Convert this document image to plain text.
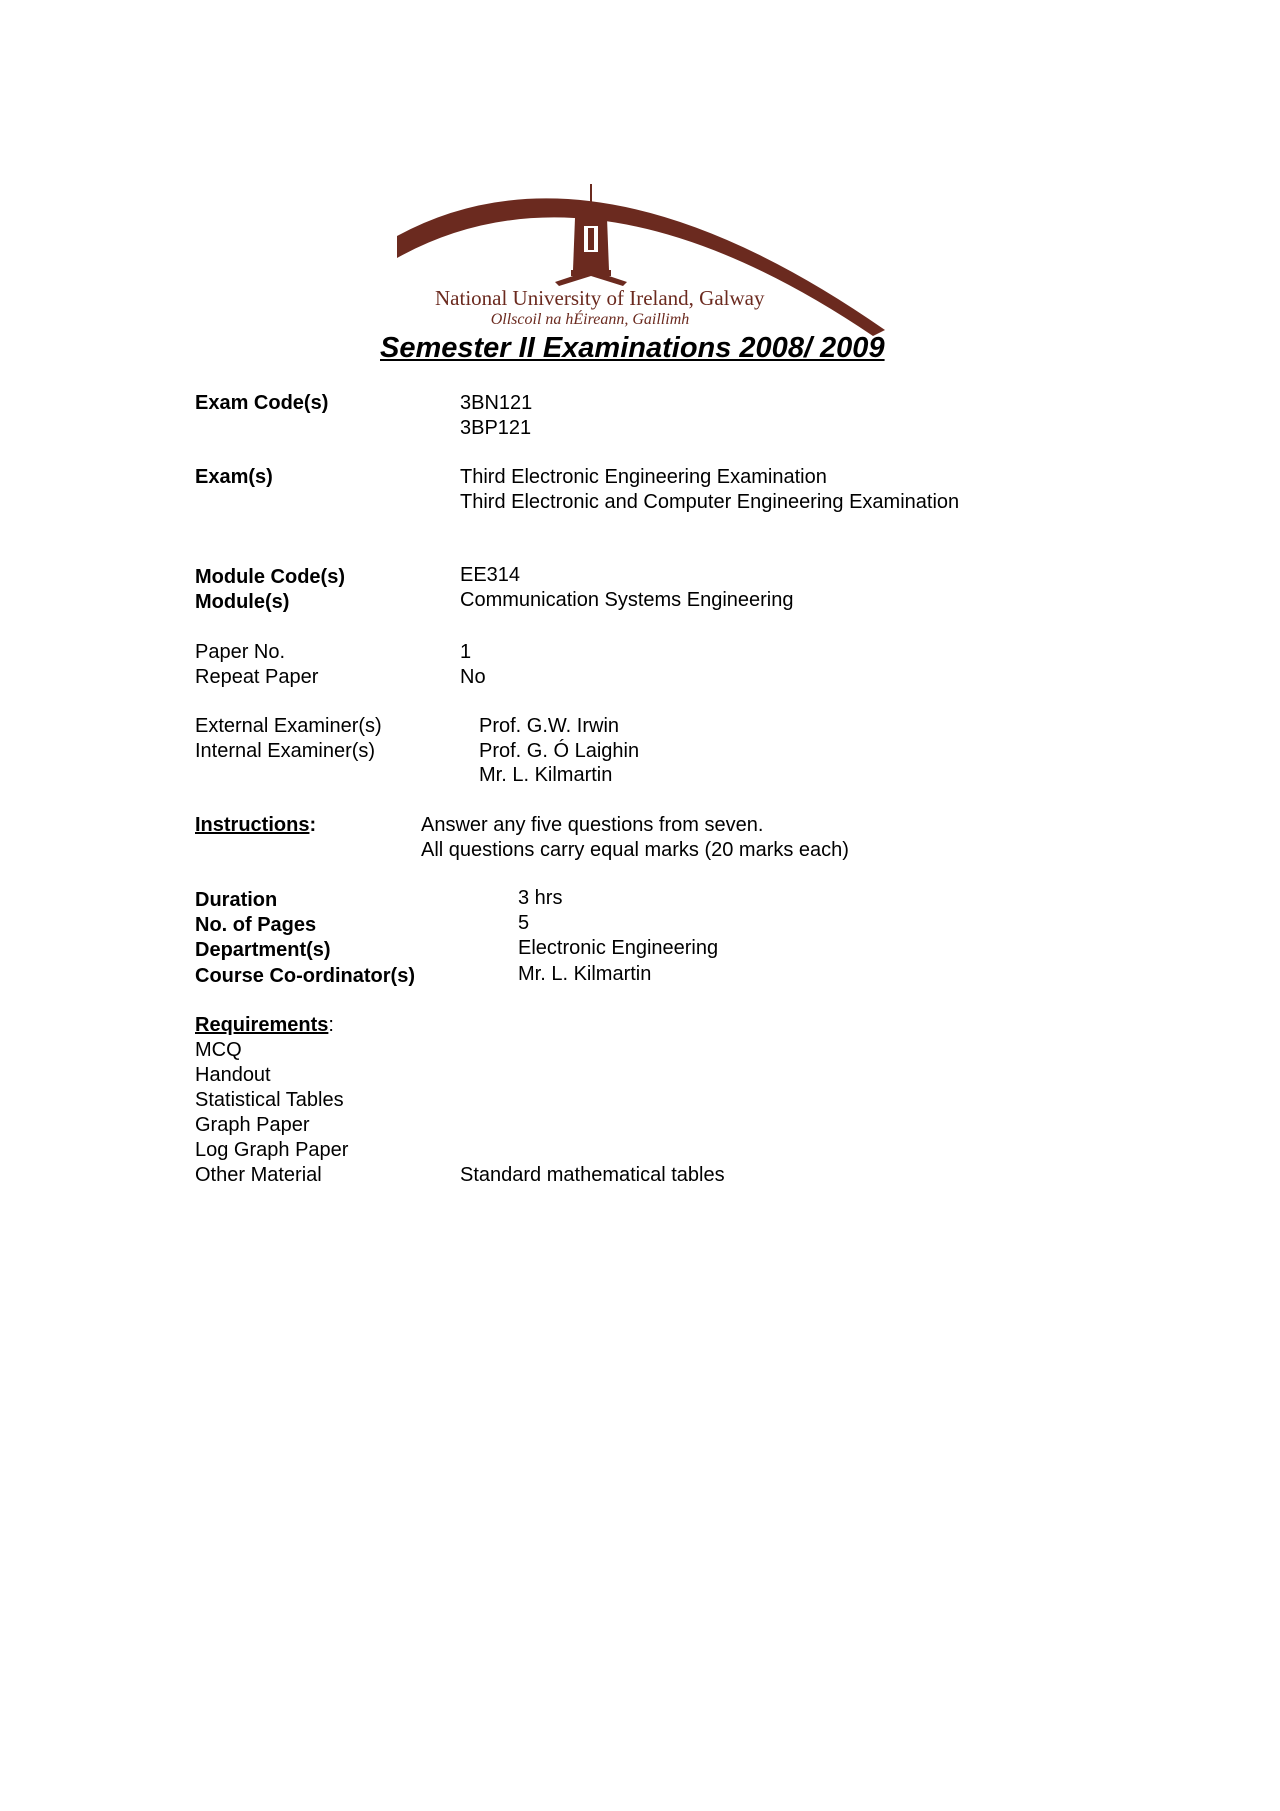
National University of Ireland, Galway
Ollscoil na hÉireann, Gaillimh
Semester II Examinations 2008/ 2009
Exam Code(s)	3BN121
3BP121
Exam(s)	Third Electronic Engineering Examination
Third Electronic and Computer Engineering Examination
Module Code(s)	EE314
Module(s)	Communication Systems Engineering
Paper No.	1
Repeat Paper	No
External Examiner(s)	Prof. G.W. Irwin
Internal Examiner(s)	Prof. G. Ó Laighin
Mr. L. Kilmartin
Instructions:	Answer any five questions from seven.
All questions carry equal marks (20 marks each)
Duration	3 hrs
No. of Pages	5
Department(s)	Electronic Engineering
Course Co-ordinator(s)	Mr. L. Kilmartin
Requirements:
MCQ
Handout
Statistical Tables
Graph Paper
Log Graph Paper
Other Material	Standard mathematical tables
